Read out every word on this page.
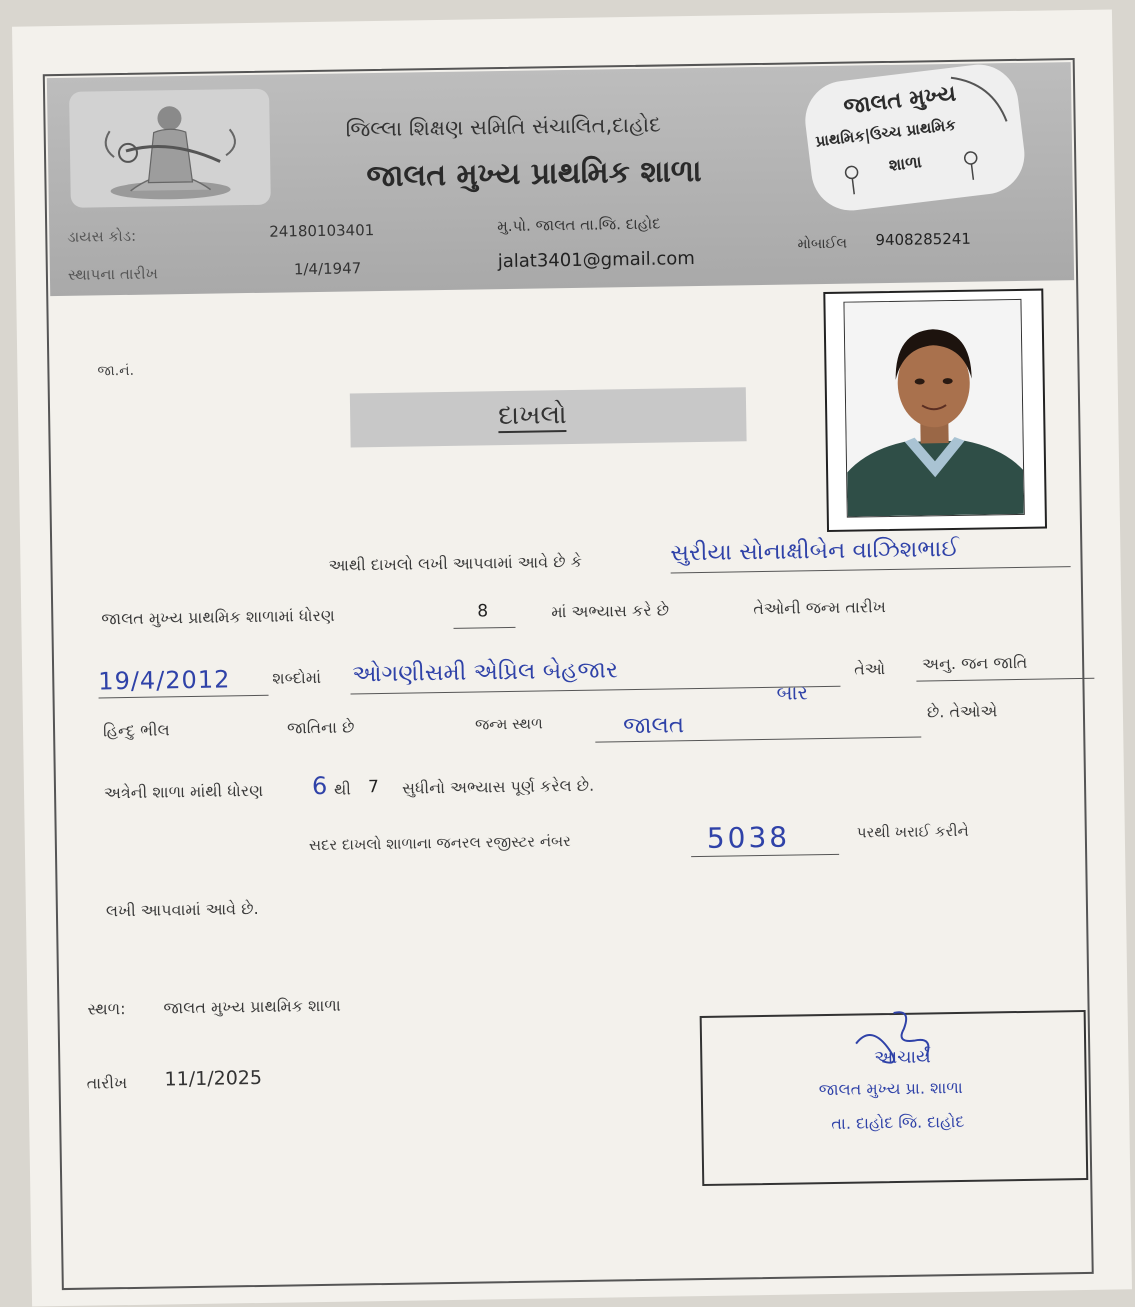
જિલ્લા શિક્ષણ સમિતિ સંચાલિત,દાહોદ
જાલત મુખ્ય પ્રાથમિક શાળા
જાલત મુખ્ય
પ્રાથમિક|ઉચ્ચ પ્રાથમિક
શાળા
ડાયસ કોડ:	24180103401	મુ.પો. જાલત તા.જિ. દાહોદ
સ્થાપના તારીખ	1/4/1947	jalat3401@gmail.com
મોબાઈલ 9408285241
જા.નં.
દાખલો
આથી દાખલો લખી આપવામાં આવે છે કે	સુરીયા સોનાક્ષીબેન વાઝિશભાઈ
જાલત મુખ્ય પ્રાથમિક શાળામાં ધોરણ	8	માં અભ્યાસ કરે છે	તેઓની જન્મ તારીખ
19/4/2012	શબ્દોમાં ઓગણીસમી એપ્રિલ બેહજાર
બાર
તેઓ અનુ. જન જાતિ
હિન્દુ ભીલ	જાતિના છે	જન્મ સ્થળ	જાલત
છે. તેઓએ
અત્રેની શાળા માંથી ધોરણ 6 થી 7 સુધીનો અભ્યાસ પૂર્ણ કરેલ છે.
સદર દાખલો શાળાના જનરલ રજીસ્ટર નંબર	5038	પરથી ખરાઈ કરીને
લખી આપવામાં આવે છે.
સ્થળ: જાલત મુખ્ય પ્રાથમિક શાળા
તારીખ 11/1/2025
આચાર્ય
જાલત મુખ્ય પ્રા. શાળા
તા. દાહોદ જિ. દાહોદ
